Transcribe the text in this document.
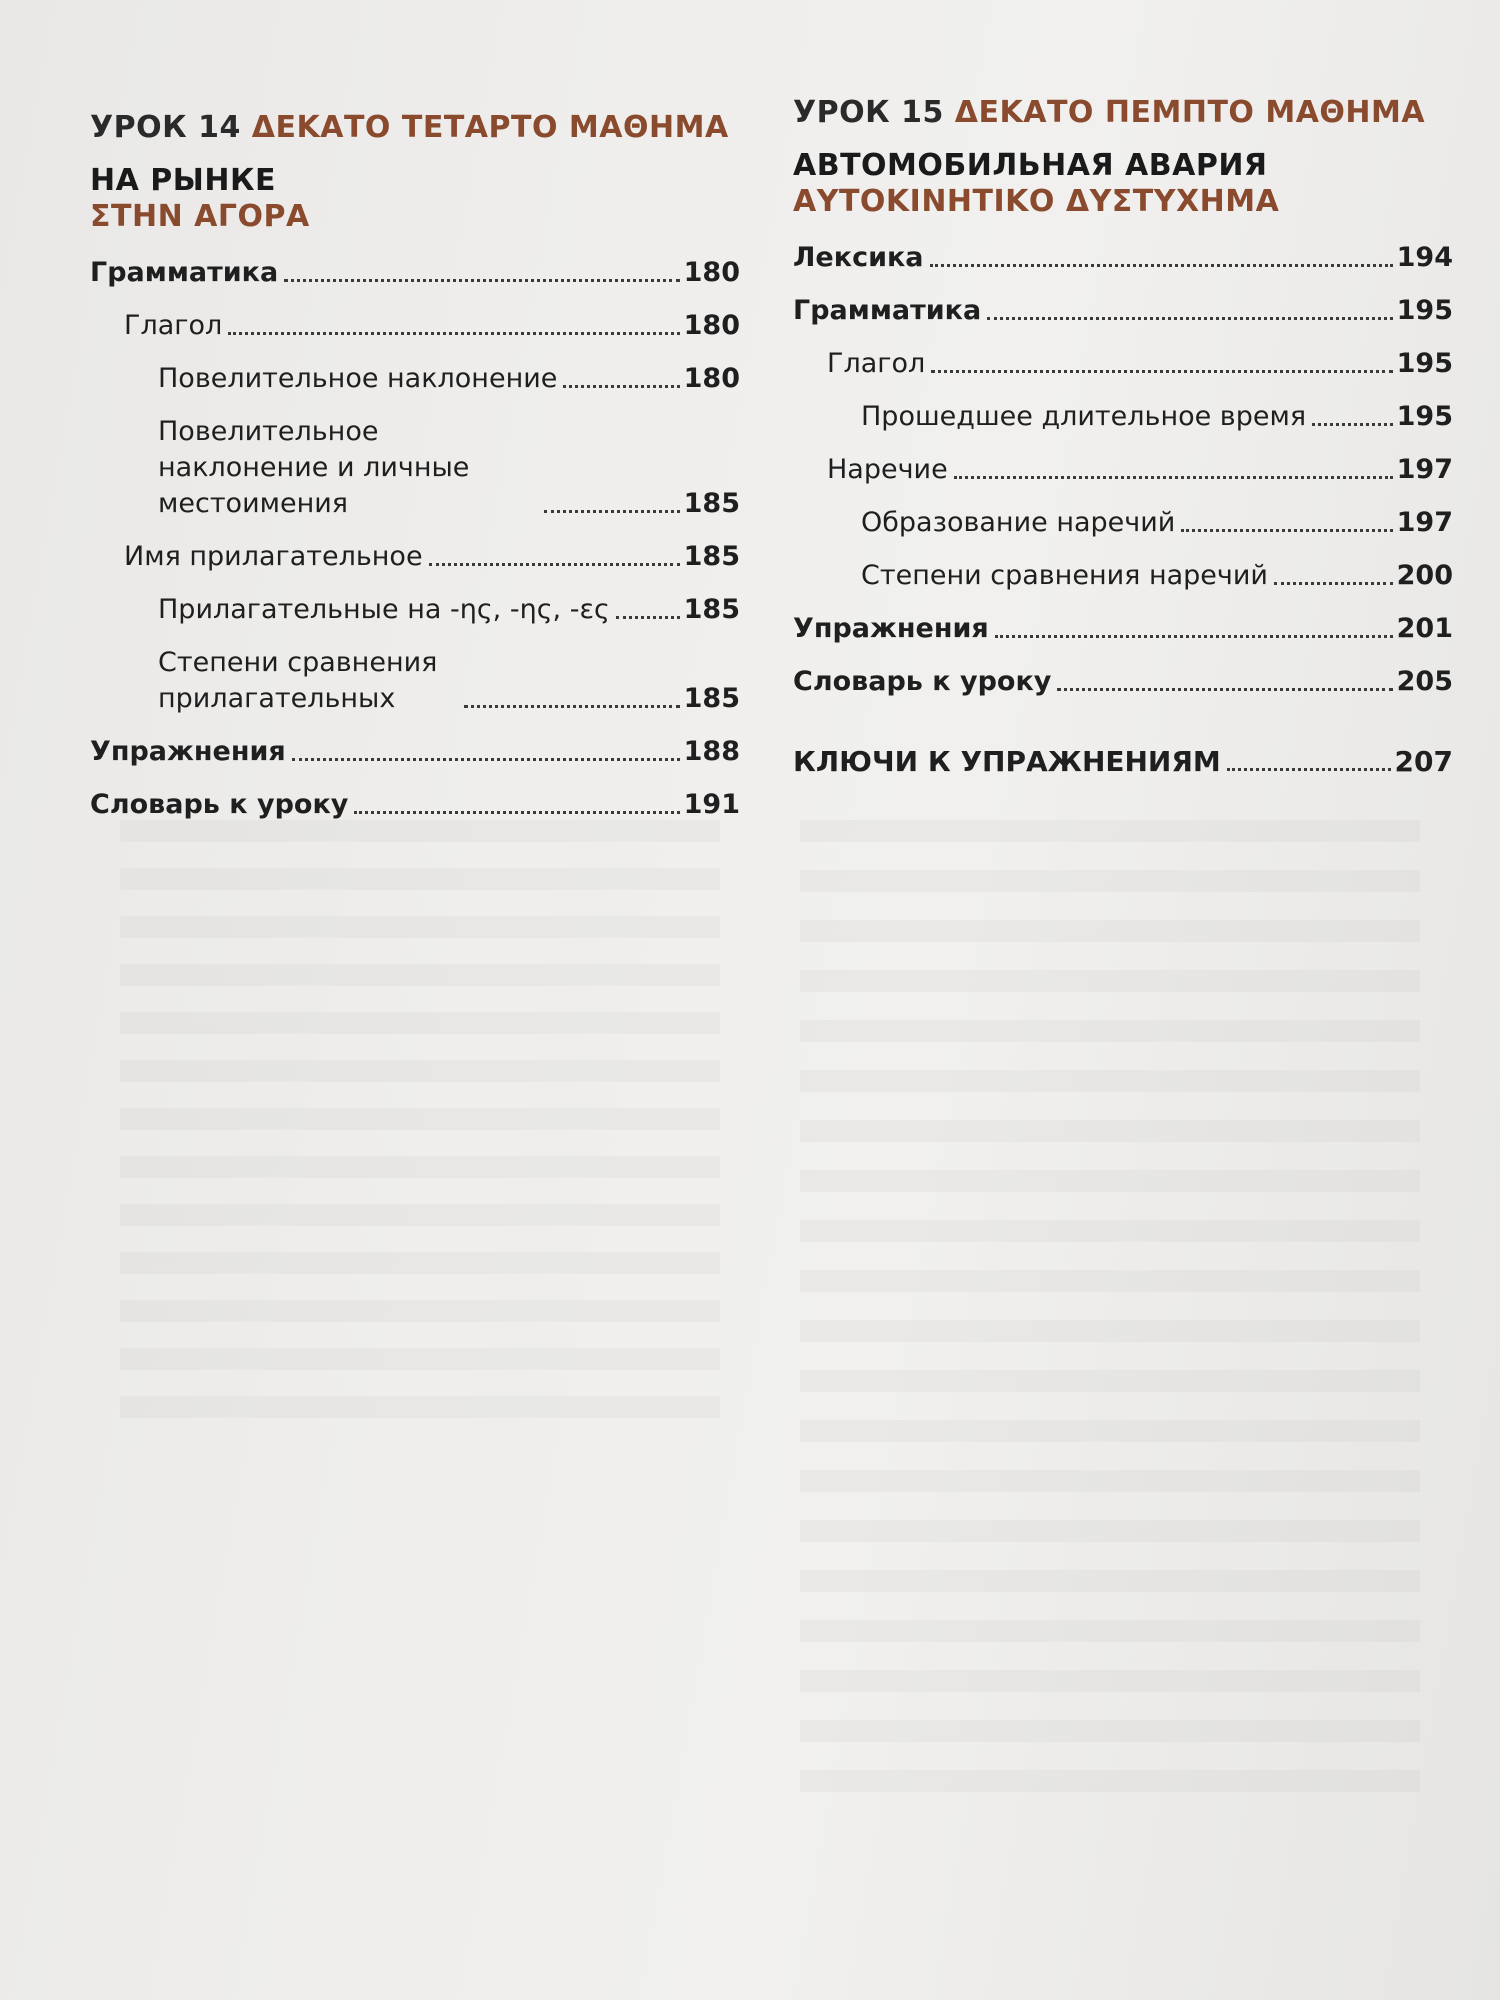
УРОК 14 ΔΕΚΑΤΟ ΤΕΤΑΡΤΟ ΜΑΘΗΜΑ
НА РЫНКЕ
ΣΤΗΝ ΑΓΟΡΑ
Грамматика	180
Глагол	180
Повелительное наклонение	180
Повелительное наклонение и личные местоимения	185
Имя прилагательное	185
Прилагательные на -ης, -ης, -ες	185
Степени сравнения прилагательных	185
Упражнения	188
Словарь к уроку	191
УРОК 15 ΔΕΚΑΤΟ ΠΕΜΠΤΟ ΜΑΘΗΜΑ
АВТОМОБИЛЬНАЯ АВАРИЯ
ΑΥΤΟΚΙΝΗΤΙΚΟ ΔΥΣΤΥΧΗΜΑ
Лексика	194
Грамматика	195
Глагол	195
Прошедшее длительное время	195
Наречие	197
Образование наречий	197
Степени сравнения наречий	200
Упражнения	201
Словарь к уроку	205
КЛЮЧИ К УПРАЖНЕНИЯМ	207
